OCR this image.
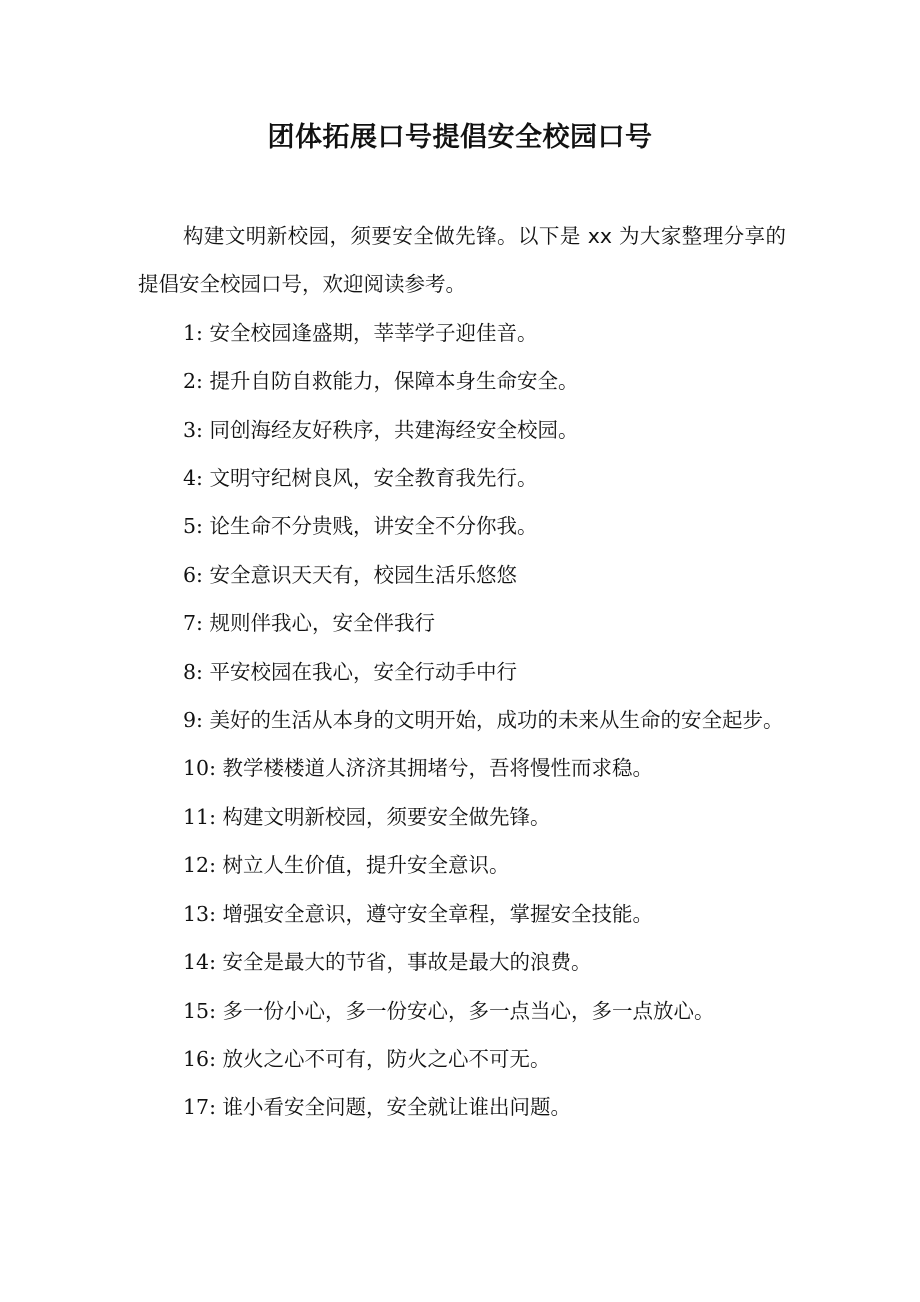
团体拓展口号提倡安全校园口号

构建文明新校园，须要安全做先锋。以下是 xx 为大家整理分享的提倡安全校园口号，欢迎阅读参考。

1: 安全校园逢盛期，莘莘学子迎佳音。

2: 提升自防自救能力，保障本身生命安全。

3: 同创海经友好秩序，共建海经安全校园。

4: 文明守纪树良风，安全教育我先行。

5: 论生命不分贵贱，讲安全不分你我。

6: 安全意识天天有，校园生活乐悠悠

7: 规则伴我心，安全伴我行

8: 平安校园在我心，安全行动手中行

9: 美好的生活从本身的文明开始，成功的未来从生命的安全起步。

10: 教学楼楼道人济济其拥堵兮，吾将慢性而求稳。

11: 构建文明新校园，须要安全做先锋。

12: 树立人生价值，提升安全意识。

13: 增强安全意识，遵守安全章程，掌握安全技能。

14: 安全是最大的节省，事故是最大的浪费。

15: 多一份小心，多一份安心，多一点当心，多一点放心。

16: 放火之心不可有，防火之心不可无。

17: 谁小看安全问题，安全就让谁出问题。
